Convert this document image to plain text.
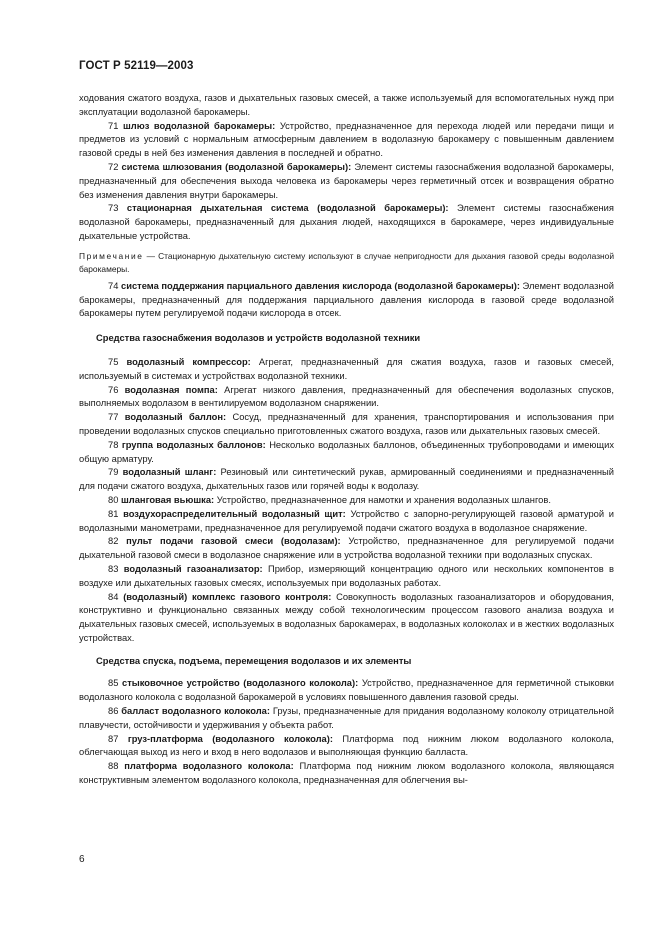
ГОСТ Р 52119—2003

ходования сжатого воздуха, газов и дыхательных газовых смесей, а также используемый для вспомогательных нужд при эксплуатации водолазной барокамеры.

71 шлюз водолазной барокамеры: Устройство, предназначенное для перехода людей или передачи пищи и предметов из условий с нормальным атмосферным давлением в водолазную барокамеру с повышенным давлением газовой среды в ней без изменения давления в последней и обратно.

72 система шлюзования (водолазной барокамеры): Элемент системы газоснабжения водолазной барокамеры, предназначенный для обеспечения выхода человека из барокамеры через герметичный отсек и возвращения обратно без изменения давления внутри барокамеры.

73 стационарная дыхательная система (водолазной барокамеры): Элемент системы газоснабжения водолазной барокамеры, предназначенный для дыхания людей, находящихся в барокамере, через индивидуальные дыхательные устройства.

Примечание — Стационарную дыхательную систему используют в случае непригодности для дыхания газовой среды водолазной барокамеры.

74 система поддержания парциального давления кислорода (водолазной барокамеры): Элемент водолазной барокамеры, предназначенный для поддержания парциального давления кислорода в газовой среде водолазной барокамеры путем регулируемой подачи кислорода в отсек.

Средства газоснабжения водолазов и устройств водолазной техники

75 водолазный компрессор: Агрегат, предназначенный для сжатия воздуха, газов и газовых смесей, используемый в системах и устройствах водолазной техники.

76 водолазная помпа: Агрегат низкого давления, предназначенный для обеспечения водолазных спусков, выполняемых водолазом в вентилируемом водолазном снаряжении.

77 водолазный баллон: Сосуд, предназначенный для хранения, транспортирования и использования при проведении водолазных спусков специально приготовленных сжатого воздуха, газов или дыхательных газовых смесей.

78 группа водолазных баллонов: Несколько водолазных баллонов, объединенных трубопроводами и имеющих общую арматуру.

79 водолазный шланг: Резиновый или синтетический рукав, армированный соединениями и предназначенный для подачи сжатого воздуха, дыхательных газов или горячей воды к водолазу.

80 шланговая вьюшка: Устройство, предназначенное для намотки и хранения водолазных шлангов.

81 воздухораспределительный водолазный щит: Устройство с запорно-регулирующей газовой арматурой и водолазными манометрами, предназначенное для регулируемой подачи сжатого воздуха в водолазное снаряжение.

82 пульт подачи газовой смеси (водолазам): Устройство, предназначенное для регулируемой подачи дыхательной газовой смеси в водолазное снаряжение или в устройства водолазной техники при водолазных спусках.

83 водолазный газоанализатор: Прибор, измеряющий концентрацию одного или нескольких компонентов в воздухе или дыхательных газовых смесях, используемых при водолазных работах.

84 (водолазный) комплекс газового контроля: Совокупность водолазных газоанализаторов и оборудования, конструктивно и функционально связанных между собой технологическим процессом газового анализа воздуха и дыхательных газовых смесей, используемых в водолазных барокамерах, в водолазных колоколах и в жестких водолазных устройствах.

Средства спуска, подъема, перемещения водолазов и их элементы

85 стыковочное устройство (водолазного колокола): Устройство, предназначенное для герметичной стыковки водолазного колокола с водолазной барокамерой в условиях повышенного давления газовой среды.

86 балласт водолазного колокола: Грузы, предназначенные для придания водолазному колоколу отрицательной плавучести, остойчивости и удерживания у объекта работ.

87 груз-платформа (водолазного колокола): Платформа под нижним люком водолазного колокола, облегчающая выход из него и вход в него водолазов и выполняющая функцию балласта.

88 платформа водолазного колокола: Платформа под нижним люком водолазного колокола, являющаяся конструктивным элементом водолазного колокола, предназначенная для облегчения вы-

6
